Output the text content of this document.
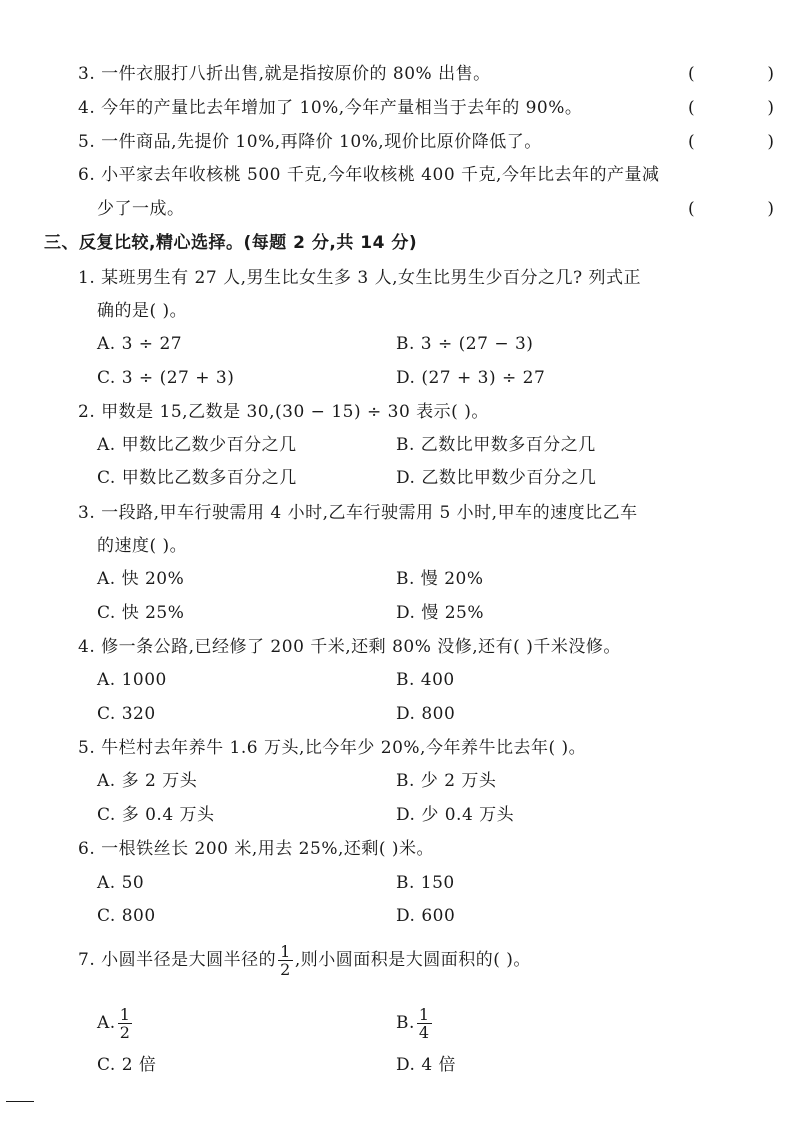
3. 一件衣服打八折出售,就是指按原价的 80% 出售。	(	)
4. 今年的产量比去年增加了 10%,今年产量相当于去年的 90%。	(	)
5. 一件商品,先提价 10%,再降价 10%,现价比原价降低了。	(	)
6. 小平家去年收核桃 500 千克,今年收核桃 400 千克,今年比去年的产量减
少了一成。	(	)
三、反复比较,精心选择。(每题 2 分,共 14 分)
1. 某班男生有 27 人,男生比女生多 3 人,女生比男生少百分之几? 列式正
确的是( )。
A. 3 ÷ 27	B. 3 ÷ (27 − 3)
C. 3 ÷ (27 + 3)	D. (27 + 3) ÷ 27
2. 甲数是 15,乙数是 30,(30 − 15) ÷ 30 表示( )。
A. 甲数比乙数少百分之几	B. 乙数比甲数多百分之几
C. 甲数比乙数多百分之几	D. 乙数比甲数少百分之几
3. 一段路,甲车行驶需用 4 小时,乙车行驶需用 5 小时,甲车的速度比乙车
的速度( )。
A. 快 20%	B. 慢 20%
C. 快 25%	D. 慢 25%
4. 修一条公路,已经修了 200 千米,还剩 80% 没修,还有( )千米没修。
A. 1000	B. 400
C. 320	D. 800
5. 牛栏村去年养牛 1.6 万头,比今年少 20%,今年养牛比去年( )。
A. 多 2 万头	B. 少 2 万头
C. 多 0.4 万头	D. 少 0.4 万头
6. 一根铁丝长 200 米,用去 25%,还剩( )米。
A. 50	B. 150
C. 800	D. 600
7. 小圆半径是大圆半径的 $\frac{1}{2}$ ,则小圆面积是大圆面积的( )。
A. $\frac{1}{2}$	B. $\frac{1}{4}$
C. 2 倍	D. 4 倍
